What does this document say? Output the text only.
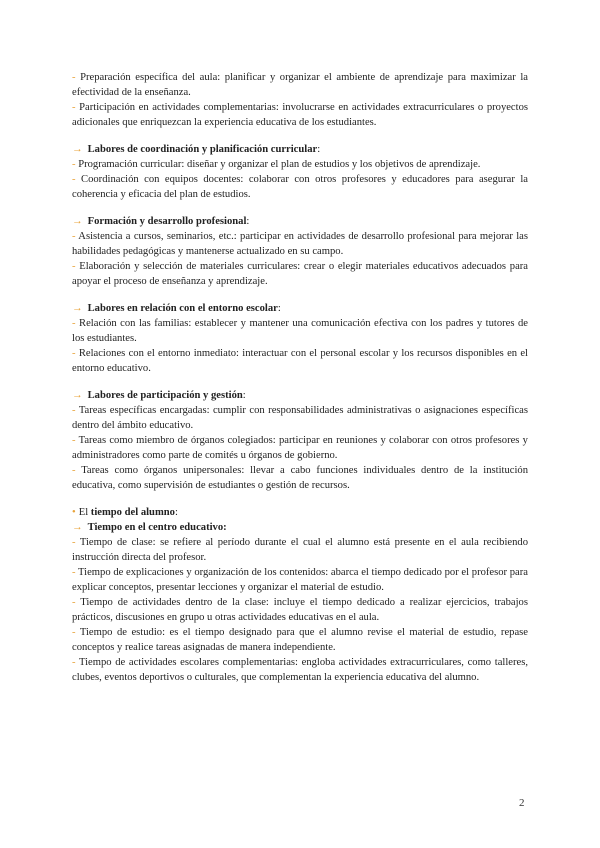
- Preparación específica del aula: planificar y organizar el ambiente de aprendizaje para maximizar la efectividad de la enseñanza.

- Participación en actividades complementarias: involucrarse en actividades extracurriculares o proyectos adicionales que enriquezcan la experiencia educativa de los estudiantes.

→ Labores de coordinación y planificación curricular:

- Programación curricular: diseñar y organizar el plan de estudios y los objetivos de aprendizaje.

- Coordinación con equipos docentes: colaborar con otros profesores y educadores para asegurar la coherencia y eficacia del plan de estudios.

→ Formación y desarrollo profesional:

- Asistencia a cursos, seminarios, etc.: participar en actividades de desarrollo profesional para mejorar las habilidades pedagógicas y mantenerse actualizado en su campo.

- Elaboración y selección de materiales curriculares: crear o elegir materiales educativos adecuados para apoyar el proceso de enseñanza y aprendizaje.

→ Labores en relación con el entorno escolar:

- Relación con las familias: establecer y mantener una comunicación efectiva con los padres y tutores de los estudiantes.

- Relaciones con el entorno inmediato: interactuar con el personal escolar y los recursos disponibles en el entorno educativo.

→ Labores de participación y gestión:

- Tareas específicas encargadas: cumplir con responsabilidades administrativas o asignaciones específicas dentro del ámbito educativo.

- Tareas como miembro de órganos colegiados: participar en reuniones y colaborar con otros profesores y administradores como parte de comités u órganos de gobierno.

- Tareas como órganos unipersonales: llevar a cabo funciones individuales dentro de la institución educativa, como supervisión de estudiantes o gestión de recursos.

• El tiempo del alumno:

→ Tiempo en el centro educativo:

- Tiempo de clase: se refiere al período durante el cual el alumno está presente en el aula recibiendo instrucción directa del profesor.

- Tiempo de explicaciones y organización de los contenidos: abarca el tiempo dedicado por el profesor para explicar conceptos, presentar lecciones y organizar el material de estudio.

- Tiempo de actividades dentro de la clase: incluye el tiempo dedicado a realizar ejercicios, trabajos prácticos, discusiones en grupo u otras actividades educativas en el aula.

- Tiempo de estudio: es el tiempo designado para que el alumno revise el material de estudio, repase conceptos y realice tareas asignadas de manera independiente.

- Tiempo de actividades escolares complementarias: engloba actividades extracurriculares, como talleres, clubes, eventos deportivos o culturales, que complementan la experiencia educativa del alumno.

2
